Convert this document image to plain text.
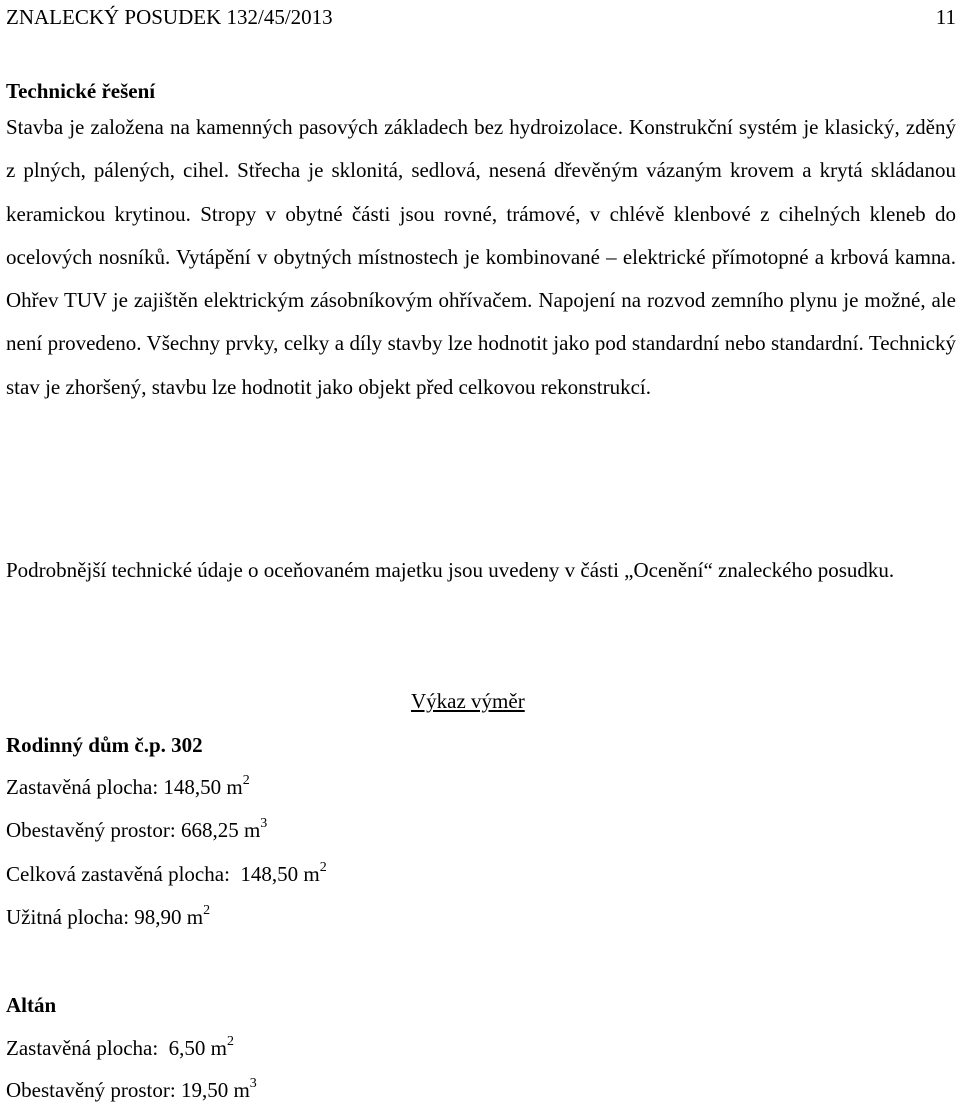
ZNALECKÝ POSUDEK 132/45/2013	11
Technické řešení

Stavba je založena na kamenných pasových základech bez hydroizolace. Konstrukční systém je klasický, zděný z plných, pálených, cihel. Střecha je sklonitá, sedlová, nesená dřevěným vázaným krovem a krytá skládanou keramickou krytinou. Stropy v obytné části jsou rovné, trámové, v chlévě klenbové z cihelných kleneb do ocelových nosníků. Vytápění v obytných místnostech je kombinované – elektrické přímotopné a krbová kamna. Ohřev TUV je zajištěn elektrickým zásobníkovým ohřívačem. Napojení na rozvod zemního plynu je možné, ale není provedeno. Všechny prvky, celky a díly stavby lze hodnotit jako pod standardní nebo standardní. Technický stav je zhoršený, stavbu lze hodnotit jako objekt před celkovou rekonstrukcí.

Podrobnější technické údaje o oceňovaném majetku jsou uvedeny v části „Ocenění“ znaleckého posudku.

Výkaz výměr
Rodinný dům č.p. 302
Zastavěná plocha: 148,50 $m^2$
Obestavěný prostor: 668,25 $m^3$
Celková zastavěná plocha:  148,50 $m^2$
Užitná plocha: 98,90 $m^2$
Altán
Zastavěná plocha:  6,50 $m^2$
Obestavěný prostor: 19,50 $m^3$
